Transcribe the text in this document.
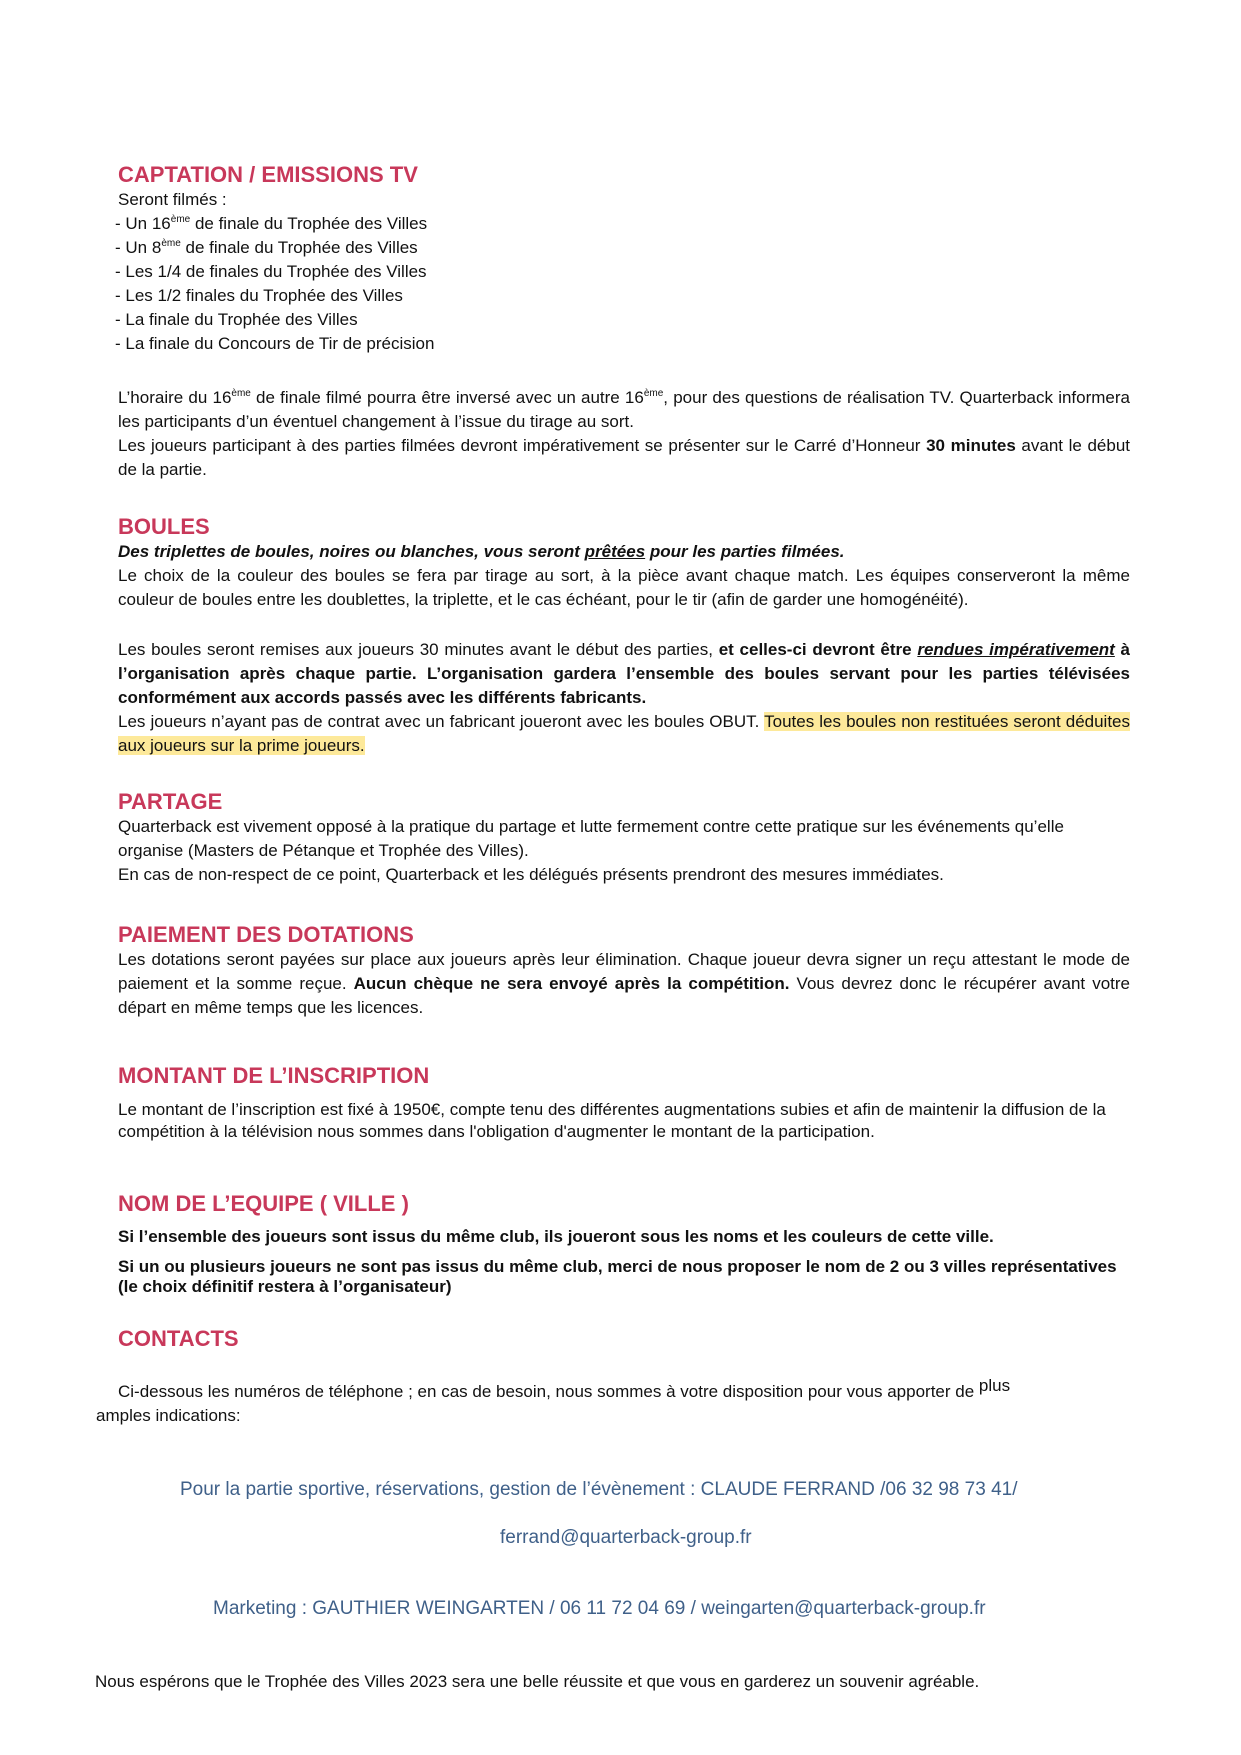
CAPTATION / EMISSIONS TV

Seront filmés :

- Un 16ème de finale du Trophée des Villes
- Un 8ème de finale du Trophée des Villes
- Les 1/4 de finales du Trophée des Villes
- Les 1/2 finales du Trophée des Villes
- La finale du Trophée des Villes
- La finale du Concours de Tir de précision

L’horaire du 16ème de finale filmé pourra être inversé avec un autre 16ème, pour des questions de réalisation TV. Quarterback informera les participants d’un éventuel changement à l’issue du tirage au sort.

Les joueurs participant à des parties filmées devront impérativement se présenter sur le Carré d’Honneur 30 minutes avant le début de la partie.

BOULES

Des triplettes de boules, noires ou blanches, vous seront prêtées pour les parties filmées.

Le choix de la couleur des boules se fera par tirage au sort, à la pièce avant chaque match. Les équipes conserveront la même couleur de boules entre les doublettes, la triplette, et le cas échéant, pour le tir (afin de garder une homogénéité).

Les boules seront remises aux joueurs 30 minutes avant le début des parties, et celles-ci devront être rendues impérativement à l’organisation après chaque partie. L’organisation gardera l’ensemble des boules servant pour les parties télévisées conformément aux accords passés avec les différents fabricants.

Les joueurs n’ayant pas de contrat avec un fabricant joueront avec les boules OBUT. Toutes les boules non restituées seront déduites aux joueurs sur la prime joueurs.

PARTAGE

Quarterback est vivement opposé à la pratique du partage et lutte fermement contre cette pratique sur les événements qu’elle organise (Masters de Pétanque et Trophée des Villes).

En cas de non-respect de ce point, Quarterback et les délégués présents prendront des mesures immédiates.

PAIEMENT DES DOTATIONS

Les dotations seront payées sur place aux joueurs après leur élimination. Chaque joueur devra signer un reçu attestant le mode de paiement et la somme reçue. Aucun chèque ne sera envoyé après la compétition. Vous devrez donc le récupérer avant votre départ en même temps que les licences.

MONTANT DE L’INSCRIPTION

Le montant de l’inscription est fixé à 1950€, compte tenu des différentes augmentations subies et afin de maintenir la diffusion de la compétition à la télévision nous sommes dans l'obligation d'augmenter le montant de la participation.

NOM DE L’EQUIPE ( VILLE )

Si l’ensemble des joueurs sont issus du même club, ils joueront sous les noms et les couleurs de cette ville.

Si un ou plusieurs joueurs ne sont pas issus du même club, merci de nous proposer le nom de 2 ou 3 villes représentatives (le choix définitif restera à l’organisateur)

CONTACTS
Ci-dessous les numéros de téléphone ; en cas de besoin, nous sommes à votre disposition pour vous apporter de plus
amples indications:
Pour la partie sportive, réservations, gestion de l’évènement : CLAUDE FERRAND /06 32 98 73 41/
ferrand@quarterback-group.fr
Marketing : GAUTHIER WEINGARTEN / 06 11 72 04 69 / weingarten@quarterback-group.fr
Nous espérons que le Trophée des Villes 2023 sera une belle réussite et que vous en garderez un souvenir agréable.
